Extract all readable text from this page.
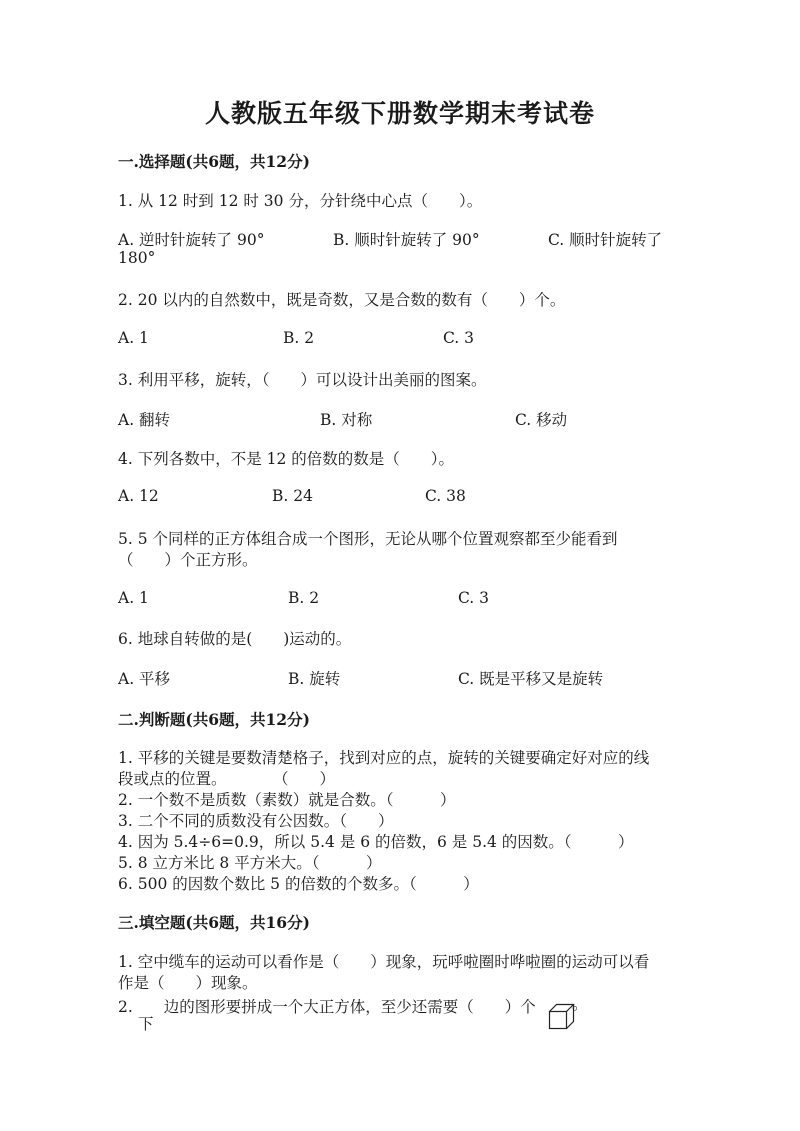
人教版五年级下册数学期末考试卷
一.选择题(共6题，共12分)
1. 从 12 时到 12 时 30 分，分针绕中心点（　　）。
A. 逆时针旋转了 90°	B. 顺时针旋转了 90°	C. 顺时针旋转了
180°
2. 20 以内的自然数中，既是奇数，又是合数的数有（　　）个。
A. 1	B. 2	C. 3
3. 利用平移，旋转，（　　）可以设计出美丽的图案。
A. 翻转	B. 对称	C. 移动
4. 下列各数中，不是 12 的倍数的数是（　　）。
A. 12	B. 24	C. 38
5. 5 个同样的正方体组合成一个图形，无论从哪个位置观察都至少能看到
（　　）个正方形。
A. 1	B. 2	C. 3
6. 地球自转做的是(　　)运动的。
A. 平移	B. 旋转	C. 既是平移又是旋转
二.判断题(共6题，共12分)
1. 平移的关键是要数清楚格子，找到对应的点，旋转的关键要确定好对应的线
段或点的位置。　　　　（　　）
2. 一个数不是质数（素数）就是合数。（　　　）
3. 二个不同的质数没有公因数。（　　）
4. 因为 5.4÷6=0.9，所以 5.4 是 6 的倍数，6 是 5.4 的因数。（　　　）
5. 8 立方米比 8 平方米大。（　　　）
6. 500 的因数个数比 5 的倍数的个数多。（　　　）
三.填空题(共6题，共16分)
1. 空中缆车的运动可以看作是（　　）现象，玩呼啦圈时哗啦圈的运动可以看
作是（　　）现象。
2.　　边的图形要拼成一个大正方体，至少还需要（　　）个
下
。
